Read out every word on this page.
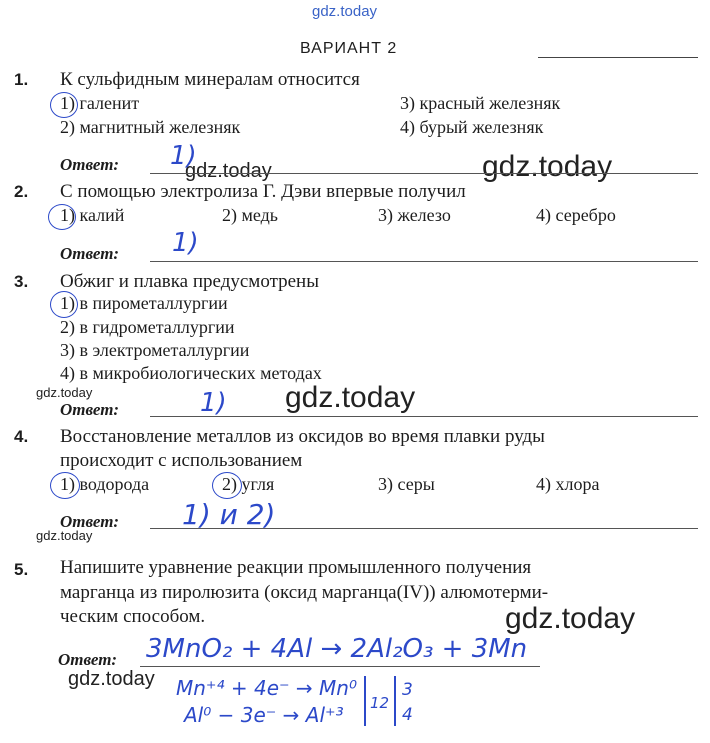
gdz.today
gdz.today
gdz.today
gdz.today
gdz.today
gdz.today
gdz.today
gdz.today
ВАРИАНТ 2
1. К сульфидным минералам относится
1) галенит
2) магнитный железняк
3) красный железняк
4) бурый железняк
Ответ: 1)
2. С помощью электролиза Г. Дэви впервые получил
1) калий	2) медь	3) железо	4) серебро
Ответ: 1)
3. Обжиг и плавка предусмотрены
1) в пирометаллургии
2) в гидрометаллургии
3) в электрометаллургии
4) в микробиологических методах
Ответ:	1)
4. Восстановление металлов из оксидов во время плавки руды
происходит с использованием
1) водорода	2) угля	3) серы	4) хлора
Ответ: 1) и 2)
5. Напишите уравнение реакции промышленного получения
марганца из пиролюзита (оксид марганца(IV)) алюмотерми-
ческим способом.
Ответ: 3MnO₂ + 4Al → 2Al₂O₃ + 3Mn
Mn⁺⁴ + 4e⁻ → Mn⁰
Al⁰ − 3e⁻ → Al⁺³ 12
3
4
